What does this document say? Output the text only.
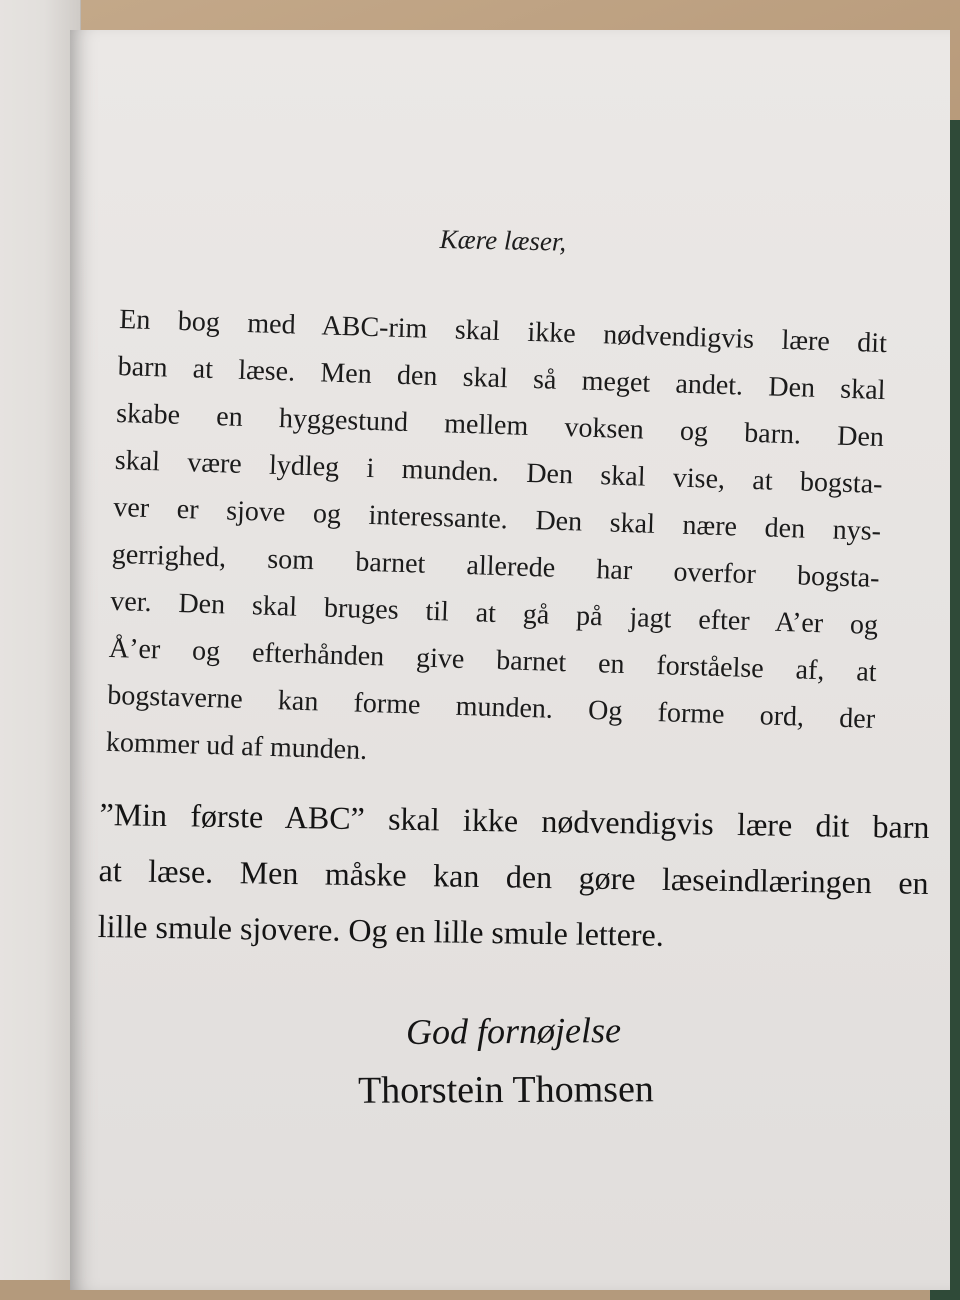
Kære læser,
En bog med ABC-rim skal ikke nødvendigvis lære dit
barn at læse. Men den skal så meget andet. Den skal
skabe en hyggestund mellem voksen og barn. Den
skal være lydleg i munden. Den skal vise, at bogsta-
ver er sjove og interessante. Den skal nære den nys-
gerrighed, som barnet allerede har overfor bogsta-
ver. Den skal bruges til at gå på jagt efter A’er og
Å’er og efterhånden give barnet en forståelse af, at
bogstaverne kan forme munden. Og forme ord, der
kommer ud af munden.
”Min første ABC” skal ikke nødvendigvis lære dit barn
at læse. Men måske kan den gøre læseindlæringen en
lille smule sjovere. Og en lille smule lettere.
God fornøjelse
Thorstein Thomsen
